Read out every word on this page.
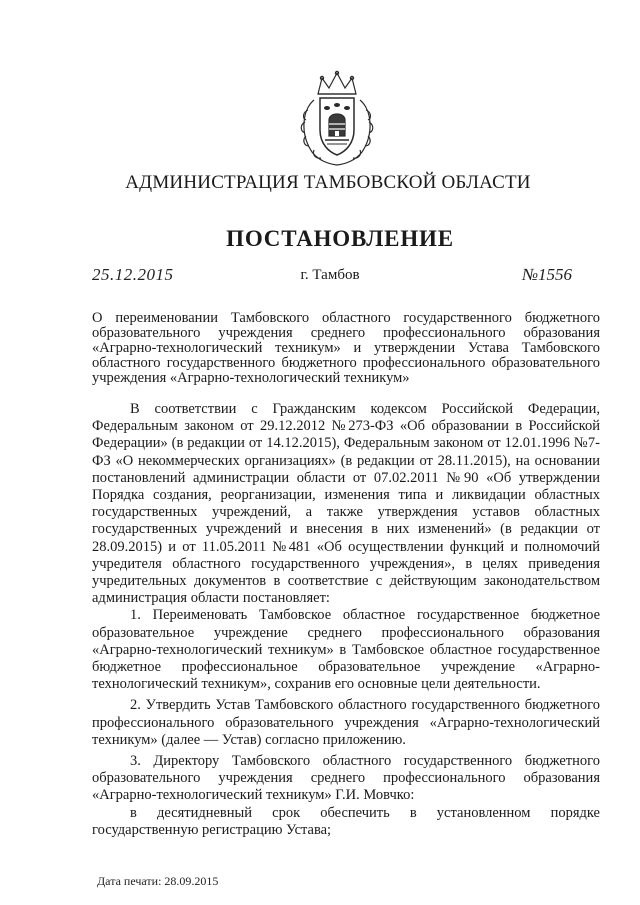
АДМИНИСТРАЦИЯ ТАМБОВСКОЙ ОБЛАСТИ
ПОСТАНОВЛЕНИЕ
25.12.2015	г. Тамбов	№1556
О переименовании Тамбовского областного государственного бюджетного образовательного учреждения среднего профессионального образования «Аграрно-технологический техникум» и утверждении Устава Тамбовского областного государственного бюджетного профессионального образовательного учреждения «Аграрно-технологический техникум»

В соответствии с Гражданским кодексом Российской Федерации, Федеральным законом от 29.12.2012 №273-ФЗ «Об образовании в Российской Федерации» (в редакции от 14.12.2015), Федеральным законом от 12.01.1996 №7-ФЗ «О некоммерческих организациях» (в редакции от 28.11.2015), на основании постановлений администрации области от 07.02.2011 №90 «Об утверждении Порядка создания, реорганизации, изменения типа и ликвидации областных государственных учреждений, а также утверждения уставов областных государственных учреждений и внесения в них изменений» (в редакции от 28.09.2015) и от 11.05.2011 №481 «Об осуществлении функций и полномочий учредителя областного государственного учреждения», в целях приведения учредительных документов в соответствие с действующим законодательством администрация области постановляет:

1. Переименовать Тамбовское областное государственное бюджетное образовательное учреждение среднего профессионального образования «Аграрно-технологический техникум» в Тамбовское областное государственное бюджетное профессиональное образовательное учреждение «Аграрно-технологический техникум», сохранив его основные цели деятельности.

2. Утвердить Устав Тамбовского областного государственного бюджетного профессионального образовательного учреждения «Аграрно-технологический техникум» (далее — Устав) согласно приложению.

3. Директору Тамбовского областного государственного бюджетного образовательного учреждения среднего профессионального образования «Аграрно-технологический техникум» Г.И. Мовчко:

в десятидневный срок обеспечить в установленном порядке государственную регистрацию Устава;

Дата печати: 28.09.2015
